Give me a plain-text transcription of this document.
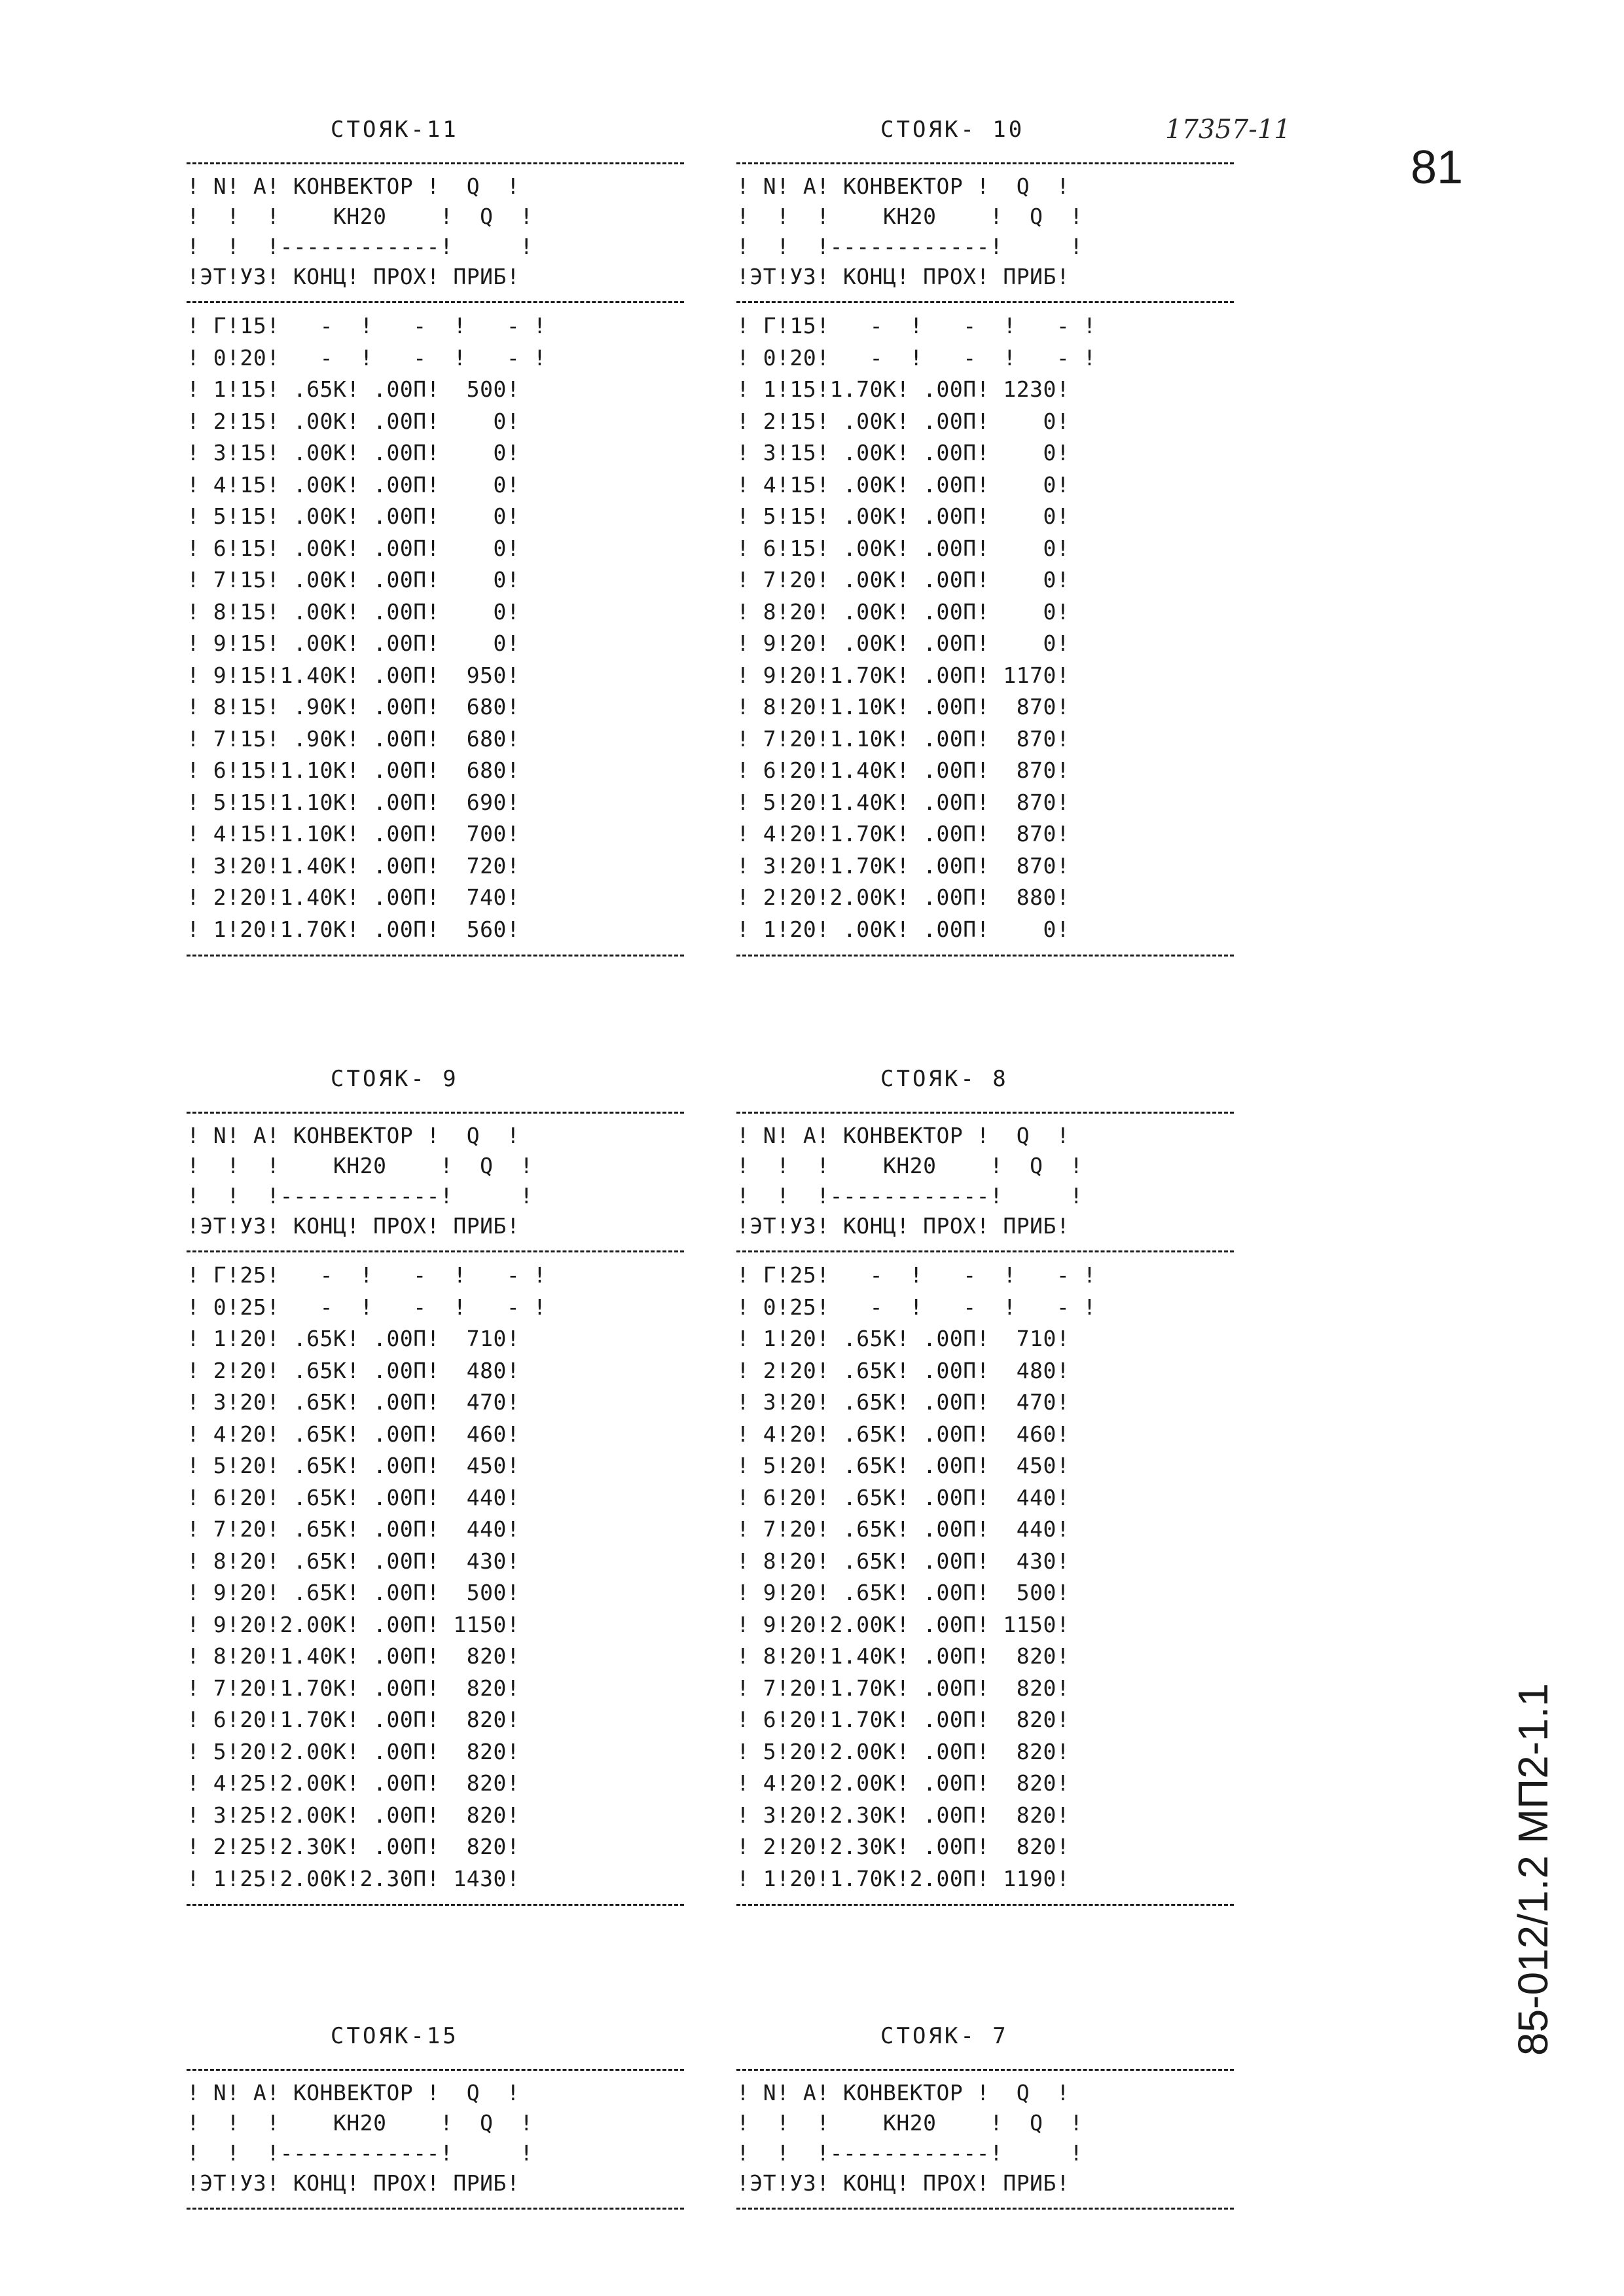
17357-11
81
85-012/1.2 МП2-1.1
СТОЯК-11
! N! А! КОНВЕКТОР !  Q  !
!  !  !    КН20    !  Q  !
!  !  !------------!     !
!ЭТ!УЗ! КОНЦ! ПРОХ! ПРИБ!
! Г!15!   -  !   -  !   - !
! 0!20!   -  !   -  !   - !
! 1!15! .65К! .00П!  500!
! 2!15! .00К! .00П!    0!
! 3!15! .00К! .00П!    0!
! 4!15! .00К! .00П!    0!
! 5!15! .00К! .00П!    0!
! 6!15! .00К! .00П!    0!
! 7!15! .00К! .00П!    0!
! 8!15! .00К! .00П!    0!
! 9!15! .00К! .00П!    0!
! 9!15!1.40К! .00П!  950!
! 8!15! .90К! .00П!  680!
! 7!15! .90К! .00П!  680!
! 6!15!1.10К! .00П!  680!
! 5!15!1.10К! .00П!  690!
! 4!15!1.10К! .00П!  700!
! 3!20!1.40К! .00П!  720!
! 2!20!1.40К! .00П!  740!
! 1!20!1.70К! .00П!  560!
СТОЯК- 10
! N! А! КОНВЕКТОР !  Q  !
!  !  !    КН20    !  Q  !
!  !  !------------!     !
!ЭТ!УЗ! КОНЦ! ПРОХ! ПРИБ!
! Г!15!   -  !   -  !   - !
! 0!20!   -  !   -  !   - !
! 1!15!1.70К! .00П! 1230!
! 2!15! .00К! .00П!    0!
! 3!15! .00К! .00П!    0!
! 4!15! .00К! .00П!    0!
! 5!15! .00К! .00П!    0!
! 6!15! .00К! .00П!    0!
! 7!20! .00К! .00П!    0!
! 8!20! .00К! .00П!    0!
! 9!20! .00К! .00П!    0!
! 9!20!1.70К! .00П! 1170!
! 8!20!1.10К! .00П!  870!
! 7!20!1.10К! .00П!  870!
! 6!20!1.40К! .00П!  870!
! 5!20!1.40К! .00П!  870!
! 4!20!1.70К! .00П!  870!
! 3!20!1.70К! .00П!  870!
! 2!20!2.00К! .00П!  880!
! 1!20! .00К! .00П!    0!
СТОЯК- 9
! N! А! КОНВЕКТОР !  Q  !
!  !  !    КН20    !  Q  !
!  !  !------------!     !
!ЭТ!УЗ! КОНЦ! ПРОХ! ПРИБ!
! Г!25!   -  !   -  !   - !
! 0!25!   -  !   -  !   - !
! 1!20! .65К! .00П!  710!
! 2!20! .65К! .00П!  480!
! 3!20! .65К! .00П!  470!
! 4!20! .65К! .00П!  460!
! 5!20! .65К! .00П!  450!
! 6!20! .65К! .00П!  440!
! 7!20! .65К! .00П!  440!
! 8!20! .65К! .00П!  430!
! 9!20! .65К! .00П!  500!
! 9!20!2.00К! .00П! 1150!
! 8!20!1.40К! .00П!  820!
! 7!20!1.70К! .00П!  820!
! 6!20!1.70К! .00П!  820!
! 5!20!2.00К! .00П!  820!
! 4!25!2.00К! .00П!  820!
! 3!25!2.00К! .00П!  820!
! 2!25!2.30К! .00П!  820!
! 1!25!2.00К!2.30П! 1430!
СТОЯК- 8
! N! А! КОНВЕКТОР !  Q  !
!  !  !    КН20    !  Q  !
!  !  !------------!     !
!ЭТ!УЗ! КОНЦ! ПРОХ! ПРИБ!
! Г!25!   -  !   -  !   - !
! 0!25!   -  !   -  !   - !
! 1!20! .65К! .00П!  710!
! 2!20! .65К! .00П!  480!
! 3!20! .65К! .00П!  470!
! 4!20! .65К! .00П!  460!
! 5!20! .65К! .00П!  450!
! 6!20! .65К! .00П!  440!
! 7!20! .65К! .00П!  440!
! 8!20! .65К! .00П!  430!
! 9!20! .65К! .00П!  500!
! 9!20!2.00К! .00П! 1150!
! 8!20!1.40К! .00П!  820!
! 7!20!1.70К! .00П!  820!
! 6!20!1.70К! .00П!  820!
! 5!20!2.00К! .00П!  820!
! 4!20!2.00К! .00П!  820!
! 3!20!2.30К! .00П!  820!
! 2!20!2.30К! .00П!  820!
! 1!20!1.70К!2.00П! 1190!
СТОЯК-15
! N! А! КОНВЕКТОР !  Q  !
!  !  !    КН20    !  Q  !
!  !  !------------!     !
!ЭТ!УЗ! КОНЦ! ПРОХ! ПРИБ!
СТОЯК- 7
! N! А! КОНВЕКТОР !  Q  !
!  !  !    КН20    !  Q  !
!  !  !------------!     !
!ЭТ!УЗ! КОНЦ! ПРОХ! ПРИБ!
